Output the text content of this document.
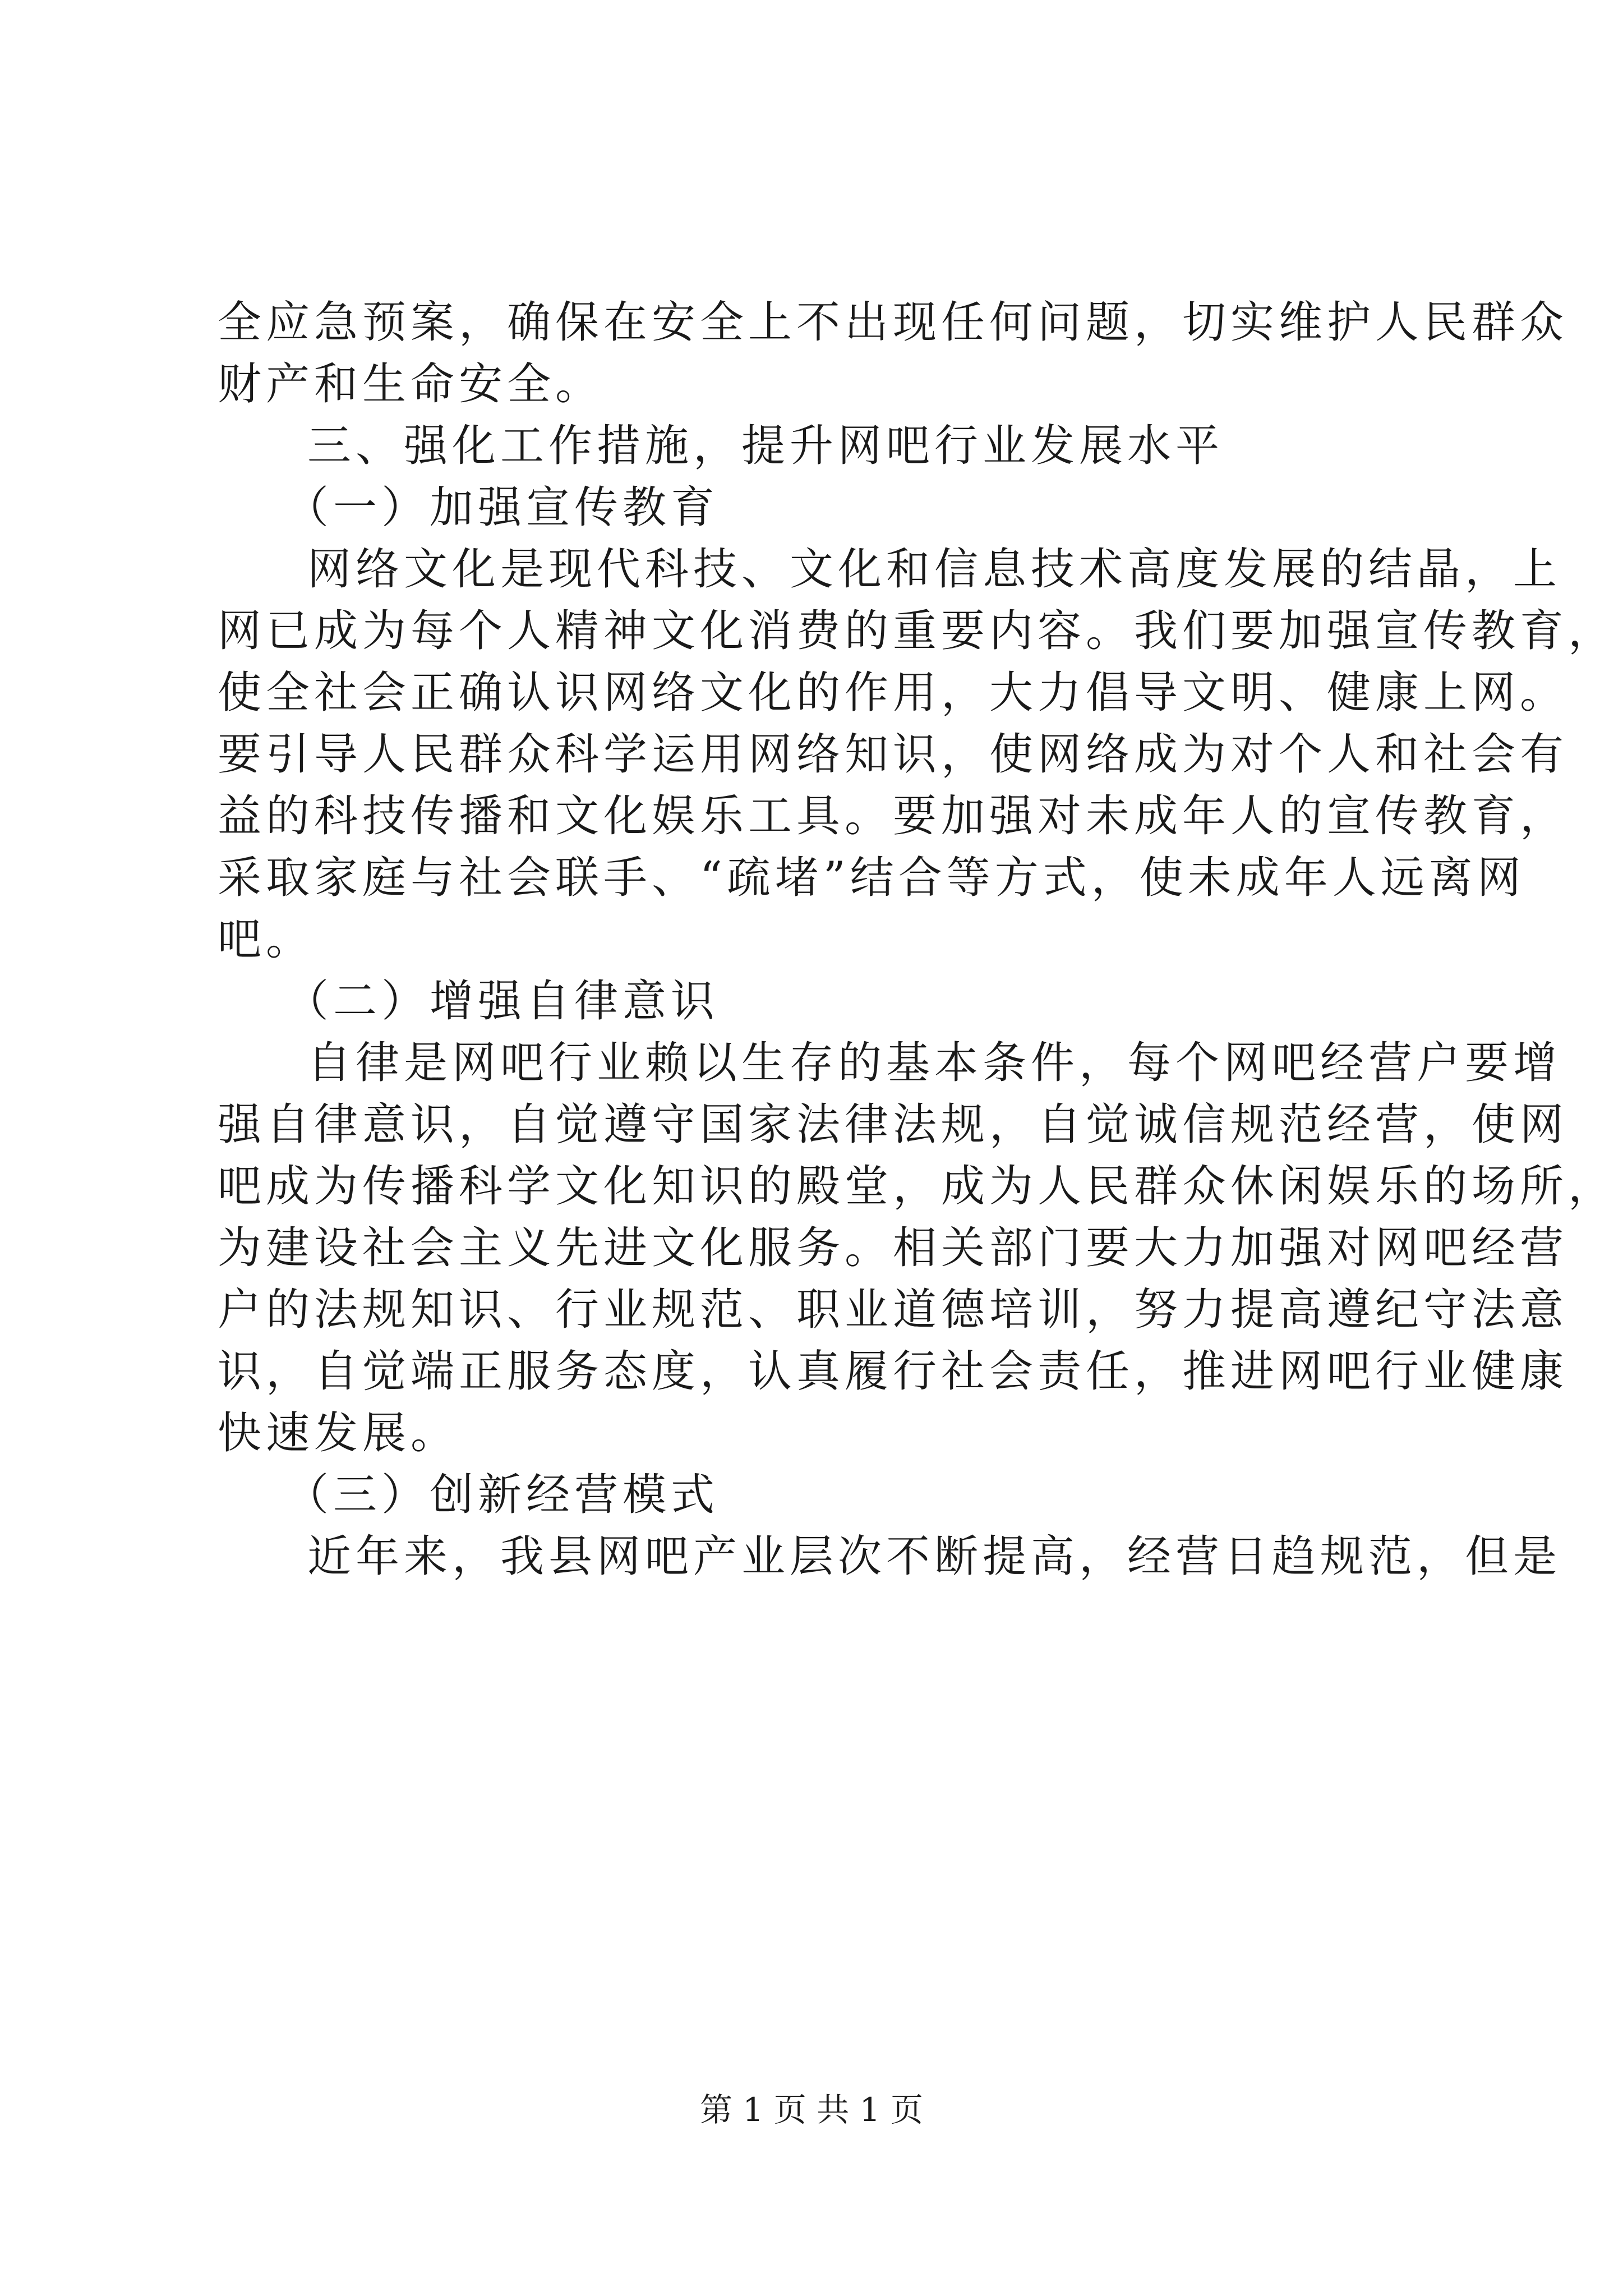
全应急预案，确保在安全上不出现任何问题，切实维护人民群众

财产和生命安全。

三、强化工作措施，提升网吧行业发展水平

（一）加强宣传教育

网络文化是现代科技、文化和信息技术高度发展的结晶，上

网已成为每个人精神文化消费的重要内容。我们要加强宣传教育，

使全社会正确认识网络文化的作用，大力倡导文明、健康上网。

要引导人民群众科学运用网络知识，使网络成为对个人和社会有

益的科技传播和文化娱乐工具。要加强对未成年人的宣传教育，

采取家庭与社会联手、“疏堵”结合等方式，使未成年人远离网

吧。

（二）增强自律意识

自律是网吧行业赖以生存的基本条件，每个网吧经营户要增

强自律意识，自觉遵守国家法律法规，自觉诚信规范经营，使网

吧成为传播科学文化知识的殿堂，成为人民群众休闲娱乐的场所，

为建设社会主义先进文化服务。相关部门要大力加强对网吧经营

户的法规知识、行业规范、职业道德培训，努力提高遵纪守法意

识，自觉端正服务态度，认真履行社会责任，推进网吧行业健康

快速发展。

（三）创新经营模式

近年来，我县网吧产业层次不断提高，经营日趋规范，但是

第 1 页 共 1 页
